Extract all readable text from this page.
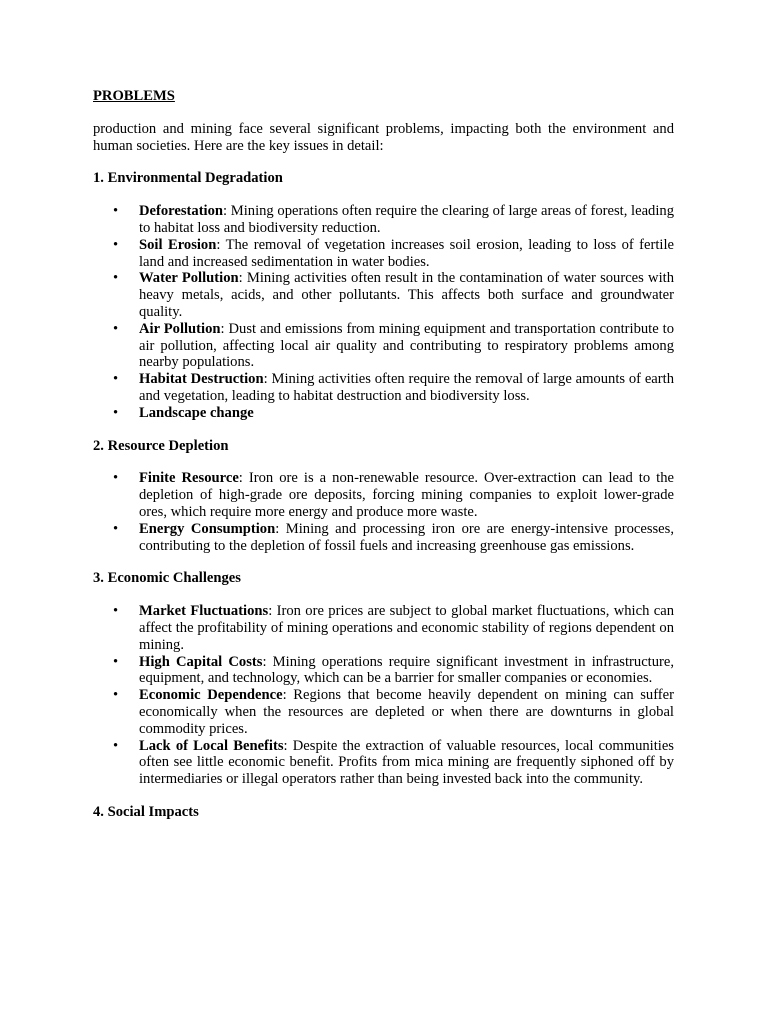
PROBLEMS

production and mining face several significant problems, impacting both the environment and human societies. Here are the key issues in detail:

1. Environmental Degradation

• Deforestation: Mining operations often require the clearing of large areas of forest, leading to habitat loss and biodiversity reduction.
• Soil Erosion: The removal of vegetation increases soil erosion, leading to loss of fertile land and increased sedimentation in water bodies.
• Water Pollution: Mining activities often result in the contamination of water sources with heavy metals, acids, and other pollutants. This affects both surface and groundwater quality.
• Air Pollution: Dust and emissions from mining equipment and transportation contribute to air pollution, affecting local air quality and contributing to respiratory problems among nearby populations.
• Habitat Destruction: Mining activities often require the removal of large amounts of earth and vegetation, leading to habitat destruction and biodiversity loss.
• Landscape change

2. Resource Depletion

• Finite Resource: Iron ore is a non-renewable resource. Over-extraction can lead to the depletion of high-grade ore deposits, forcing mining companies to exploit lower-grade ores, which require more energy and produce more waste.
• Energy Consumption: Mining and processing iron ore are energy-intensive processes, contributing to the depletion of fossil fuels and increasing greenhouse gas emissions.

3. Economic Challenges

• Market Fluctuations: Iron ore prices are subject to global market fluctuations, which can affect the profitability of mining operations and economic stability of regions dependent on mining.
• High Capital Costs: Mining operations require significant investment in infrastructure, equipment, and technology, which can be a barrier for smaller companies or economies.
• Economic Dependence: Regions that become heavily dependent on mining can suffer economically when the resources are depleted or when there are downturns in global commodity prices.
• Lack of Local Benefits: Despite the extraction of valuable resources, local communities often see little economic benefit. Profits from mica mining are frequently siphoned off by intermediaries or illegal operators rather than being invested back into the community.

4. Social Impacts
